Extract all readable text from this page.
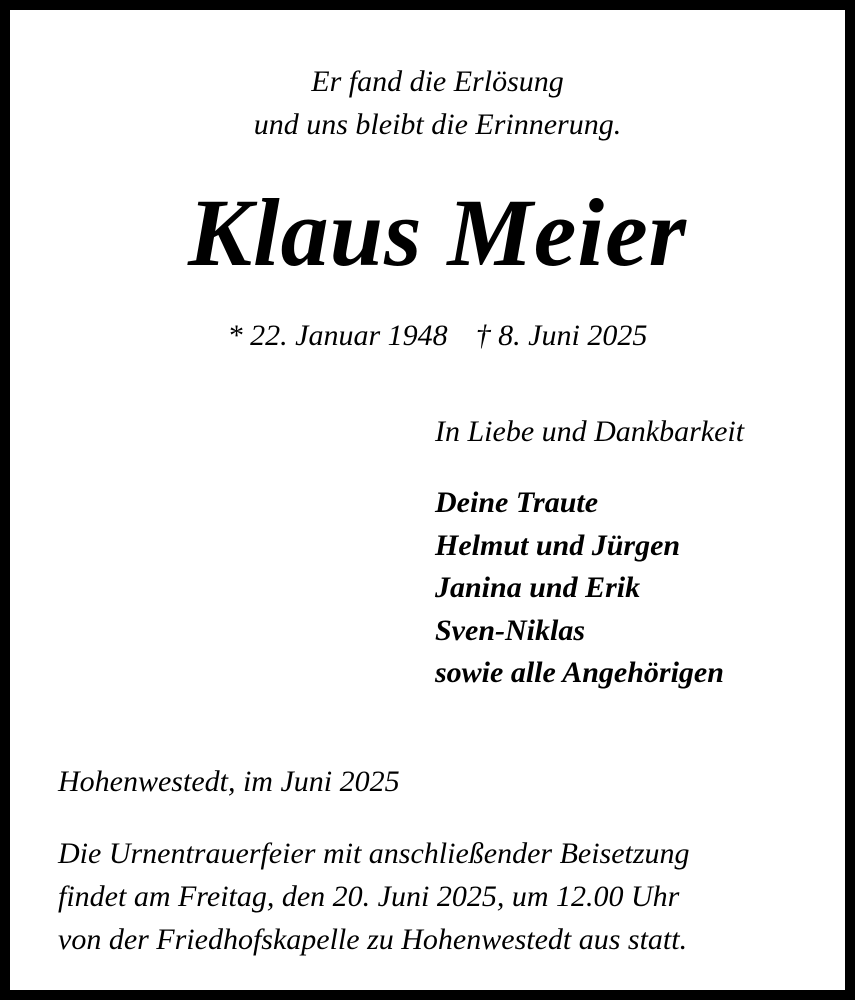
Er fand die Erlösung

und uns bleibt die Erinnerung.

Klaus Meier

* 22. Januar 1948 † 8. Juni 2025

In Liebe und Dankbarkeit

Deine Traute
Helmut und Jürgen
Janina und Erik
Sven-Niklas
sowie alle Angehörigen

Hohenwestedt, im Juni 2025

Die Urnentrauerfeier mit anschließender Beisetzung
findet am Freitag, den 20. Juni 2025, um 12.00 Uhr
von der Friedhofskapelle zu Hohenwestedt aus statt.
